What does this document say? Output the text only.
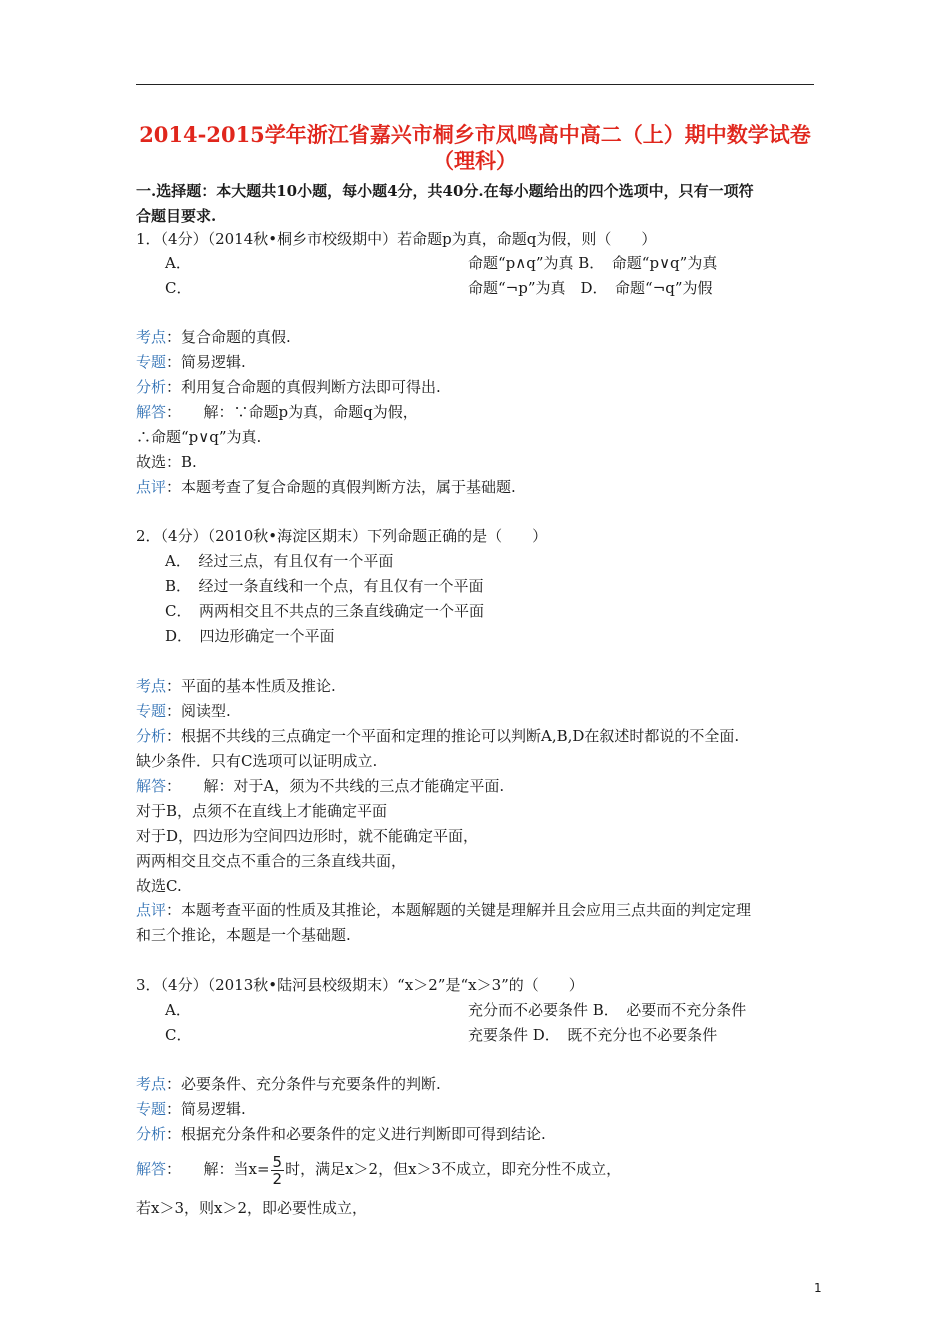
2014-2015学年浙江省嘉兴市桐乡市凤鸣高中高二（上）期中数学试卷
（理科）
一.选择题：本大题共10小题，每小题4分，共40分.在每小题给出的四个选项中，只有一项符
合题目要求.
1．（4分）（2014秋•桐乡市校级期中）若命题p为真，命题q为假，则（　　）
A．	命题“p∧q”为真 B．　命题“p∨q”为真
C．	命题“¬p”为真　D．　命题“¬q”为假
考点：复合命题的真假.
专题：简易逻辑.
分析：利用复合命题的真假判断方法即可得出.
解答：　　解：∵命题p为真，命题q为假，
∴命题“p∨q”为真.
故选：B.
点评：本题考查了复合命题的真假判断方法，属于基础题.
2．（4分）（2010秋•海淀区期末）下列命题正确的是（　　）
A．　经过三点，有且仅有一个平面
B．　经过一条直线和一个点，有且仅有一个平面
C．　两两相交且不共点的三条直线确定一个平面
D．　四边形确定一个平面
考点：平面的基本性质及推论.
专题：阅读型.
分析：根据不共线的三点确定一个平面和定理的推论可以判断A,B,D在叙述时都说的不全面.
缺少条件．只有C选项可以证明成立.
解答：　　解：对于A，须为不共线的三点才能确定平面.
对于B，点须不在直线上才能确定平面
对于D，四边形为空间四边形时，就不能确定平面，
两两相交且交点不重合的三条直线共面，
故选C.
点评：本题考查平面的性质及其推论，本题解题的关键是理解并且会应用三点共面的判定定理
和三个推论，本题是一个基础题.
3．（4分）（2013秋•陆河县校级期末）“x＞2”是“x＞3”的（　　）
A．	充分而不必要条件 B．　必要而不充分条件
C．	充要条件 D．　既不充分也不必要条件
考点：必要条件、充分条件与充要条件的判断.
专题：简易逻辑.
分析：根据充分条件和必要条件的定义进行判断即可得到结论.
解答：　　解：当$x= \frac{5}{2}$ 时，满足x＞2，但x＞3不成立，即充分性不成立，
若x＞3，则x＞2，即必要性成立，
1
